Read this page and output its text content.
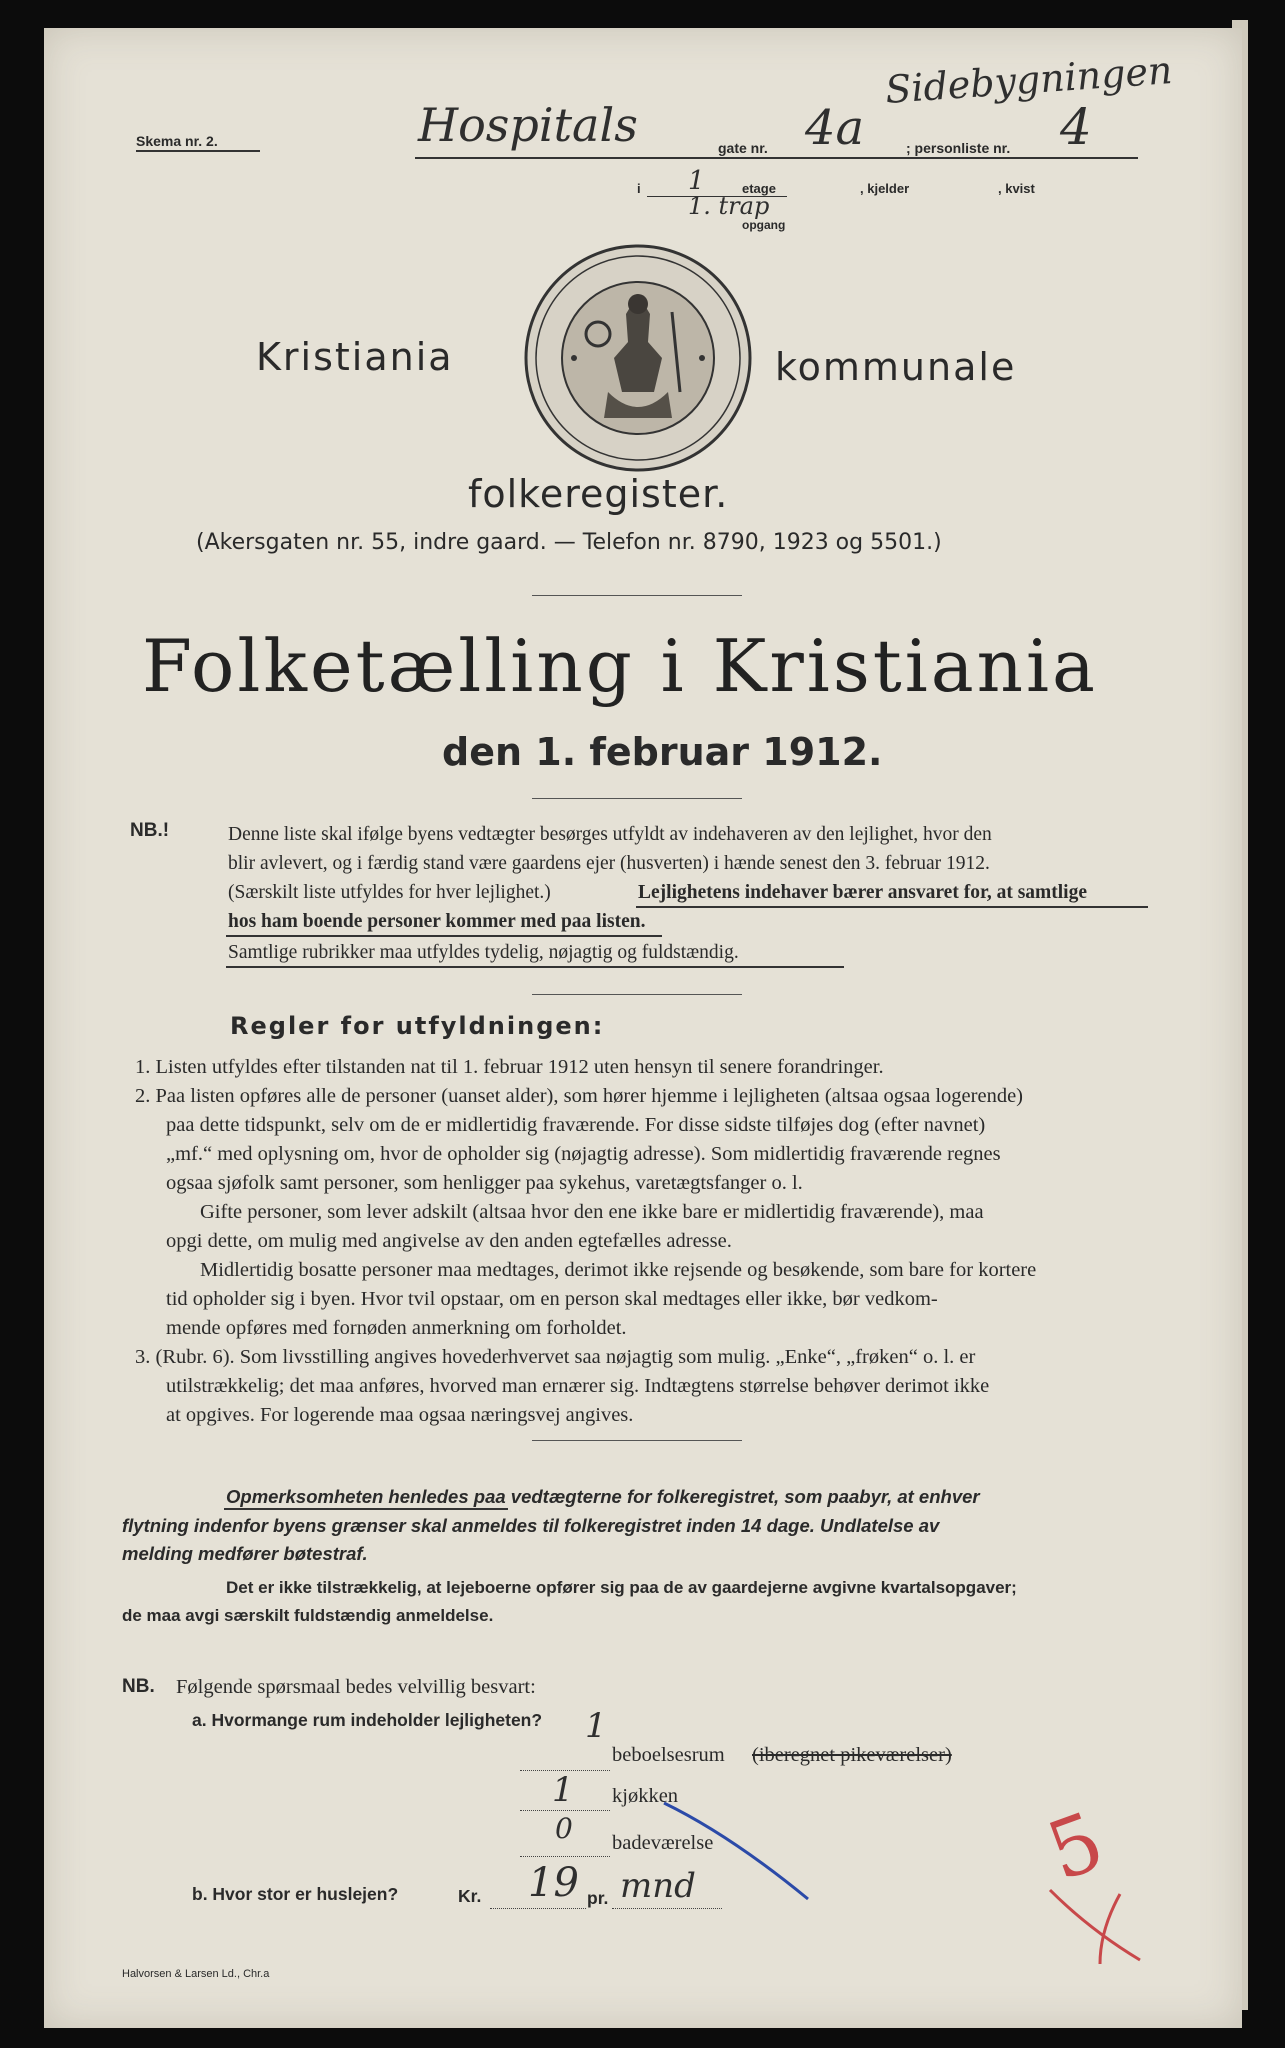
Skema nr. 2.
Sidebygningen
Hospitals	gate nr. 4a	; personliste nr. 4
i 1	etage	, kjelder	, kvist
1. trap
opgang
Kristiania	kommunale
folkeregister.
(Akersgaten nr. 55, indre gaard. — Telefon nr. 8790, 1923 og 5501.)
Folketælling i Kristiania
den 1. februar 1912.
NB.!	Denne liste skal ifølge byens vedtægter besørges utfyldt av indehaveren av den lejlighet, hvor den
blir avlevert, og i færdig stand være gaardens ejer (husverten) i hænde senest den 3. februar 1912.
(Særskilt liste utfyldes for hver lejlighet.)	Lejlighetens indehaver bærer ansvaret for, at samtlige
hos ham boende personer kommer med paa listen.
Samtlige rubrikker maa utfyldes tydelig, nøjagtig og fuldstændig.
Regler for utfyldningen:
1. Listen utfyldes efter tilstanden nat til 1. februar 1912 uten hensyn til senere forandringer.
2. Paa listen opføres alle de personer (uanset alder), som hører hjemme i lejligheten (altsaa ogsaa logerende)
paa dette tidspunkt, selv om de er midlertidig fraværende. For disse sidste tilføjes dog (efter navnet)
„mf.“ med oplysning om, hvor de opholder sig (nøjagtig adresse). Som midlertidig fraværende regnes
ogsaa sjøfolk samt personer, som henligger paa sykehus, varetægtsfanger o. l.
Gifte personer, som lever adskilt (altsaa hvor den ene ikke bare er midlertidig fraværende), maa
opgi dette, om mulig med angivelse av den anden egtefælles adresse.
Midlertidig bosatte personer maa medtages, derimot ikke rejsende og besøkende, som bare for kortere
tid opholder sig i byen. Hvor tvil opstaar, om en person skal medtages eller ikke, bør vedkom-
mende opføres med fornøden anmerkning om forholdet.
3. (Rubr. 6). Som livsstilling angives hovederhvervet saa nøjagtig som mulig. „Enke“, „frøken“ o. l. er
utilstrækkelig; det maa anføres, hvorved man ernærer sig. Indtægtens størrelse behøver derimot ikke
at opgives. For logerende maa ogsaa næringsvej angives.
Opmerksomheten henledes paa vedtægterne for folkeregistret, som paabyr, at enhver
flytning indenfor byens grænser skal anmeldes til folkeregistret inden 14 dage. Undlatelse av
melding medfører bøtestraf.
Det er ikke tilstrækkelig, at lejeboerne opfører sig paa de av gaardejerne avgivne kvartalsopgaver;
de maa avgi særskilt fuldstændig anmeldelse.
NB. Følgende spørsmaal bedes velvillig besvart:
a. Hvormange rum indeholder lejligheten? 1
beboelsesrum (iberegnet pikeværelser)
1 kjøkken
0 badeværelse
b. Hvor stor er huslejen?	Kr. 19 pr. mnd	5
Halvorsen & Larsen Ld., Chr.a
